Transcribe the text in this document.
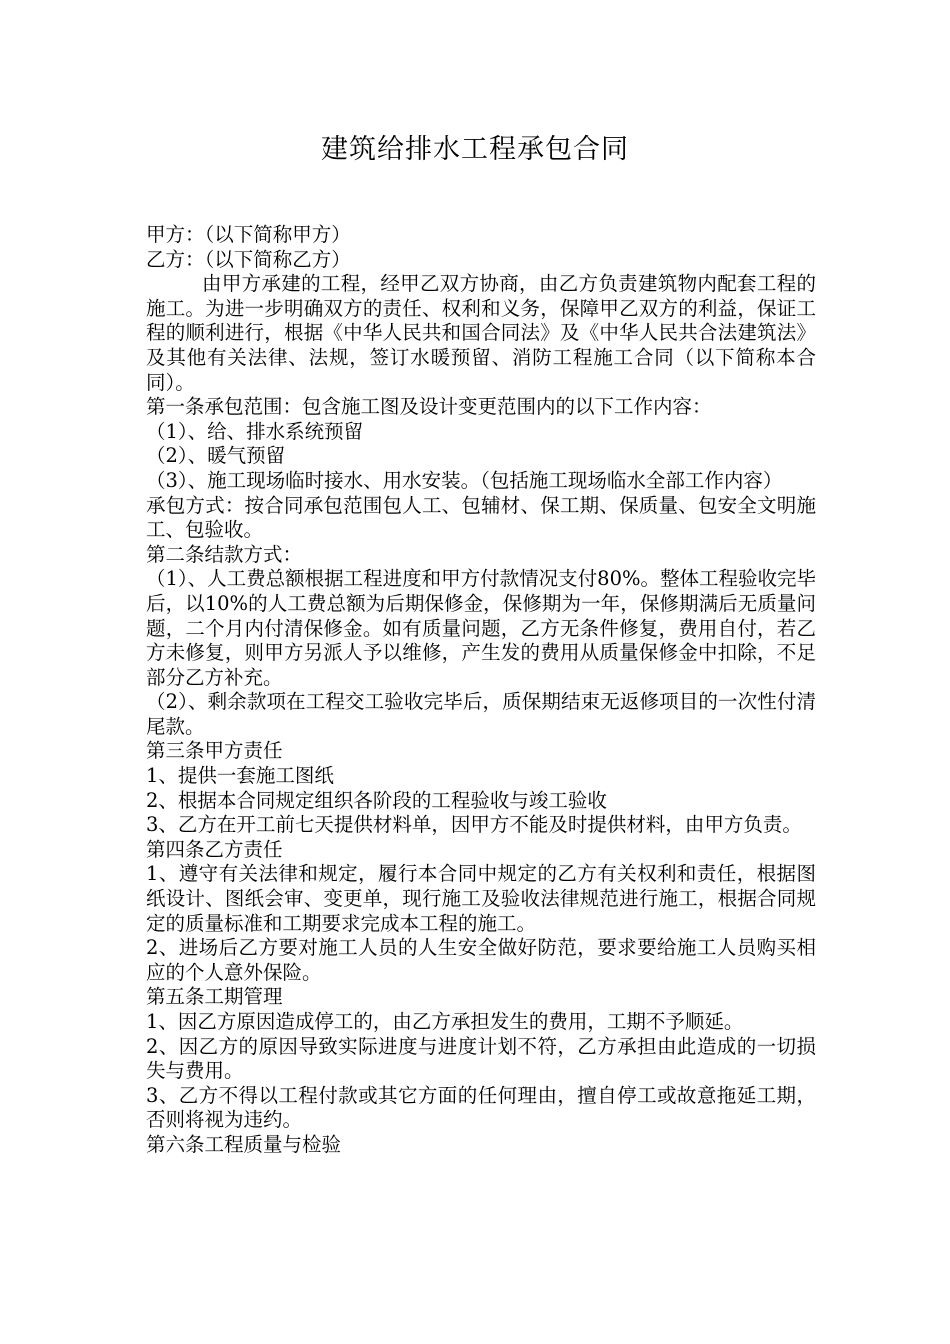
建筑给排水工程承包合同

甲方：（以下简称甲方）

乙方：（以下简称乙方）

由甲方承建的工程，经甲乙双方协商，由乙方负责建筑物内配套工程的施工。为进一步明确双方的责任、权利和义务，保障甲乙双方的利益，保证工程的顺利进行，根据《中华人民共和国合同法》及《中华人民共合法建筑法》及其他有关法律、法规，签订水暖预留、消防工程施工合同（以下简称本合同）。

第一条承包范围：包含施工图及设计变更范围内的以下工作内容：

（1）、给、排水系统预留

（2）、暖气预留

（3）、施工现场临时接水、用水安装。（包括施工现场临水全部工作内容）

承包方式：按合同承包范围包人工、包辅材、保工期、保质量、包安全文明施工、包验收。

第二条结款方式：

（1）、人工费总额根据工程进度和甲方付款情况支付80%。整体工程验收完毕后，以10%的人工费总额为后期保修金，保修期为一年，保修期满后无质量问题，二个月内付清保修金。如有质量问题，乙方无条件修复，费用自付，若乙方未修复，则甲方另派人予以维修，产生发的费用从质量保修金中扣除，不足部分乙方补充。

（2）、剩余款项在工程交工验收完毕后，质保期结束无返修项目的一次性付清尾款。

第三条甲方责任

1、提供一套施工图纸

2、根据本合同规定组织各阶段的工程验收与竣工验收

3、乙方在开工前七天提供材料单，因甲方不能及时提供材料，由甲方负责。

第四条乙方责任

1、遵守有关法律和规定，履行本合同中规定的乙方有关权利和责任，根据图纸设计、图纸会审、变更单，现行施工及验收法律规范进行施工，根据合同规定的质量标准和工期要求完成本工程的施工。

2、进场后乙方要对施工人员的人生安全做好防范，要求要给施工人员购买相应的个人意外保险。

第五条工期管理

1、因乙方原因造成停工的，由乙方承担发生的费用，工期不予顺延。

2、因乙方的原因导致实际进度与进度计划不符，乙方承担由此造成的一切损失与费用。

3、乙方不得以工程付款或其它方面的任何理由，擅自停工或故意拖延工期，否则将视为违约。

第六条工程质量与检验
